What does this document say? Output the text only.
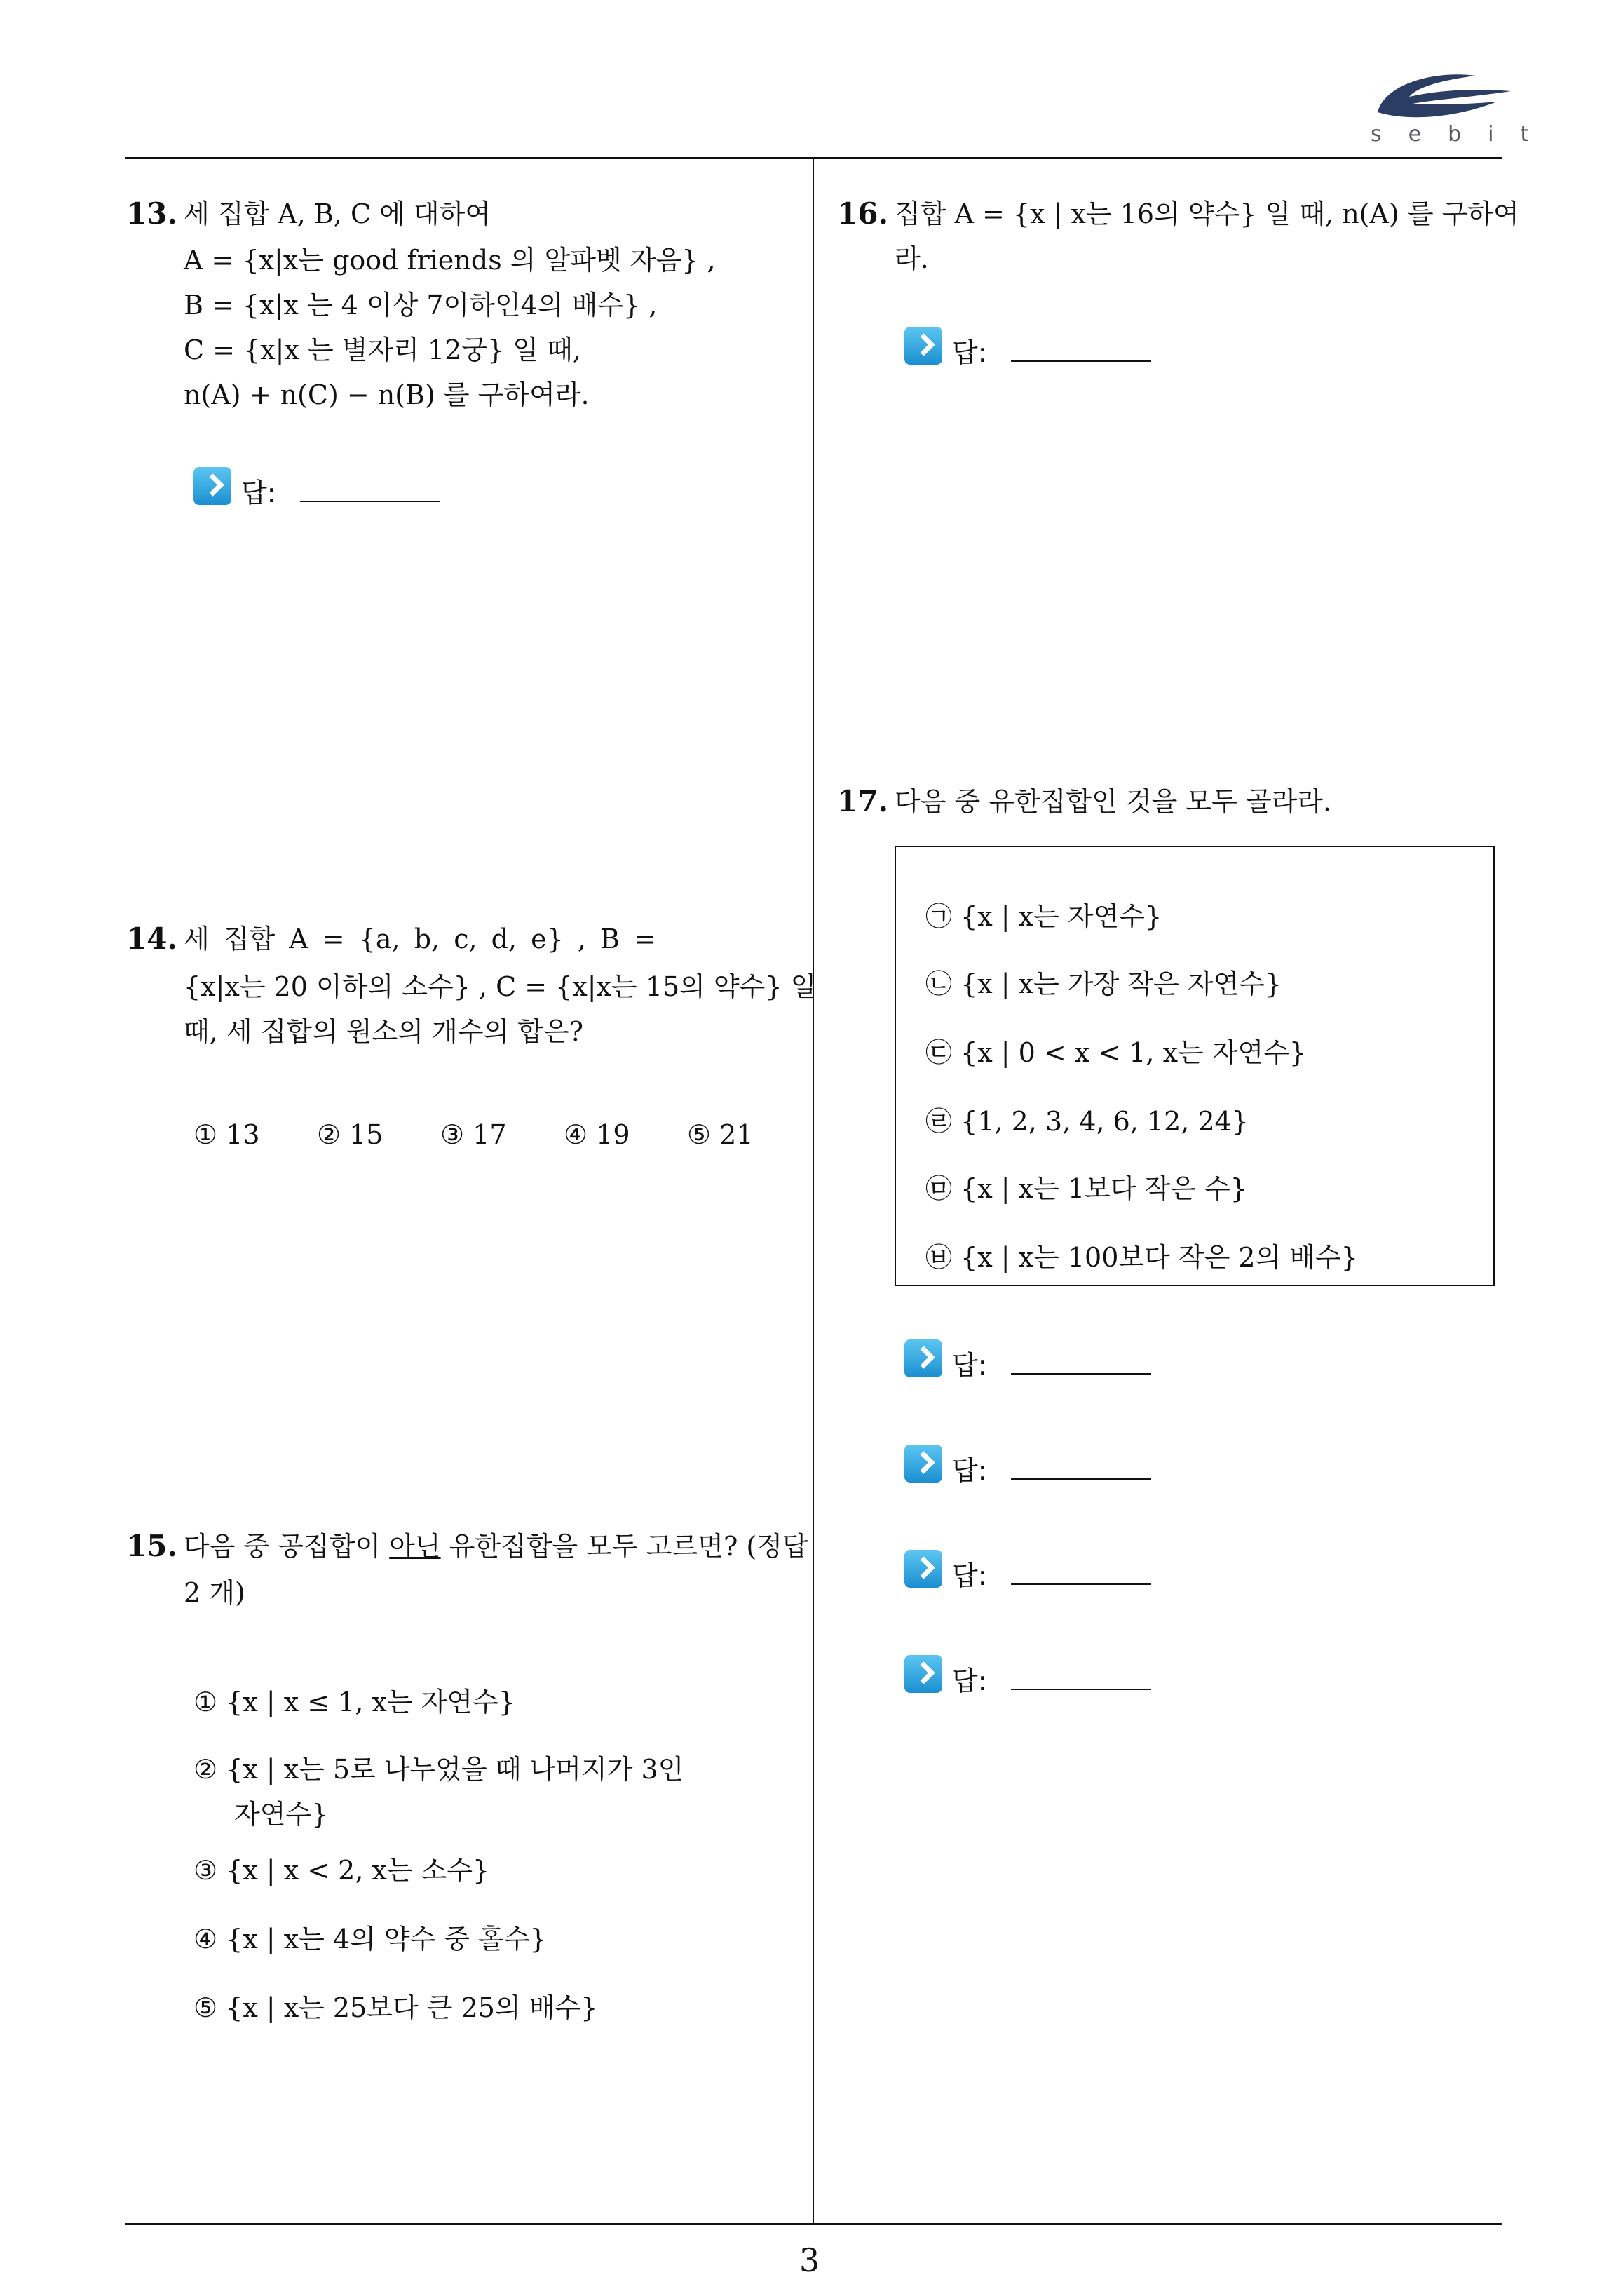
sebit
13. 세 집합 A, B, C 에 대하여
A = {x|x는 good friends 의 알파벳 자음} ,
B = {x|x 는 4 이상 7이하인4의 배수} ,
C = {x|x 는 별자리 12궁} 일 때,
n(A) + n(C) − n(B) 를 구하여라.
답:
14. 세 집합 A = {a, b, c, d, e} , B =
{x|x는 20 이하의 소수} , C = {x|x는 15의 약수} 일
때, 세 집합의 원소의 개수의 합은?
① 13 ② 15 ③ 17 ④ 19 ⑤ 21
15. 다음 중 공집합이 아닌 유한집합을 모두 고르면? (정답
2 개)
① {x | x ≤ 1, x는 자연수}
② {x | x는 5로 나누었을 때 나머지가 3인
자연수}
③ {x | x < 2, x는 소수}
④ {x | x는 4의 약수 중 홀수}
⑤ {x | x는 25보다 큰 25의 배수}
16. 집합 A = {x | x는 16의 약수} 일 때, n(A) 를 구하여
라.
답:
17. 다음 중 유한집합인 것을 모두 골라라.
㉠ {x | x는 자연수}
㉡ {x | x는 가장 작은 자연수}
㉢ {x | 0 < x < 1, x는 자연수}
㉣ {1, 2, 3, 4, 6, 12, 24}
㉤ {x | x는 1보다 작은 수}
㉥ {x | x는 100보다 작은 2의 배수}
답:
답:
답:
답:
3
